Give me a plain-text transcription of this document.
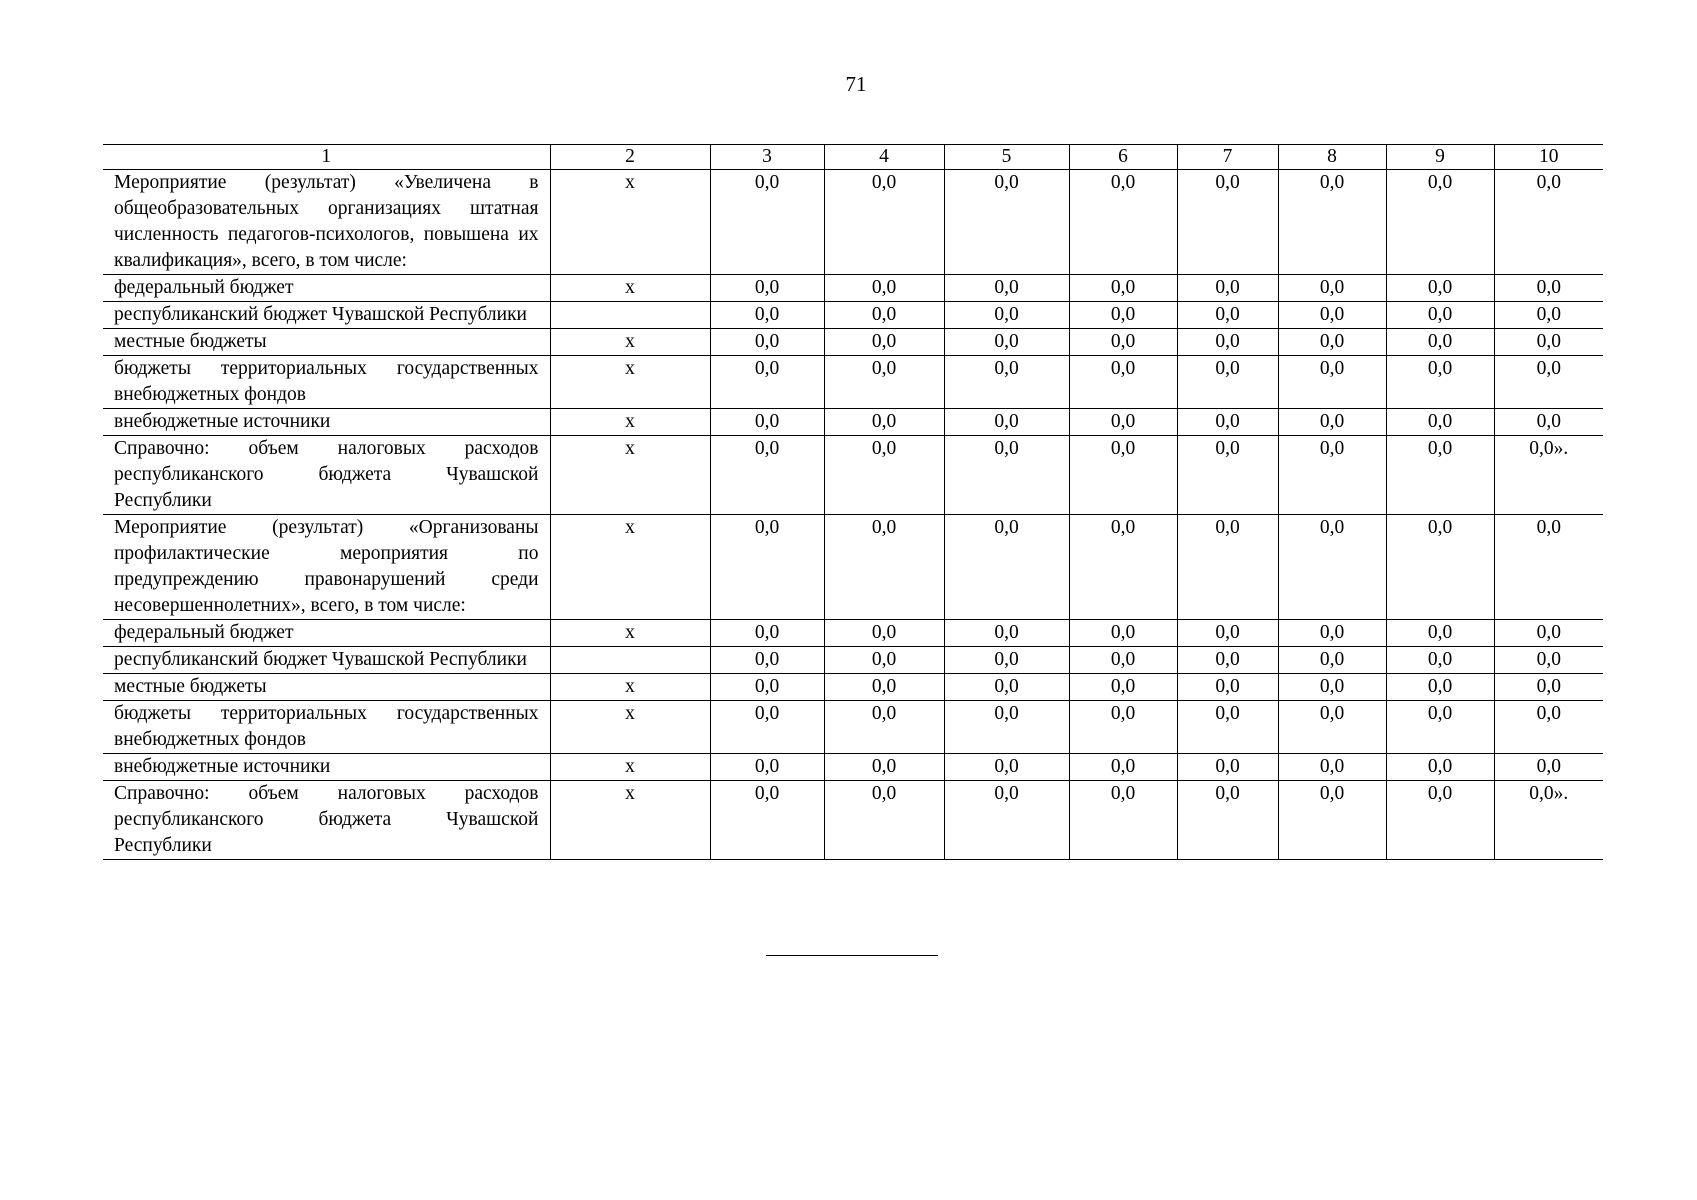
71
1	2	3	4	5	6	7	8	9	10
Мероприятие (результат) «Увеличена в общеобразовательных организациях штатная численность педагогов-психологов, повышена их квалификация», всего, в том числе:	x	0,0	0,0	0,0	0,0	0,0	0,0	0,0	0,0
федеральный бюджет	x	0,0	0,0	0,0	0,0	0,0	0,0	0,0	0,0
республиканский бюджет Чувашской Республики		0,0	0,0	0,0	0,0	0,0	0,0	0,0	0,0
местные бюджеты	x	0,0	0,0	0,0	0,0	0,0	0,0	0,0	0,0
бюджеты территориальных государственных внебюджетных фондов	x	0,0	0,0	0,0	0,0	0,0	0,0	0,0	0,0
внебюджетные источники	x	0,0	0,0	0,0	0,0	0,0	0,0	0,0	0,0
Справочно: объем налоговых расходов республиканского бюджета Чувашской Республики	x	0,0	0,0	0,0	0,0	0,0	0,0	0,0	0,0».
Мероприятие (результат) «Организованы профилактические мероприятия по предупреждению правонарушений среди несовершеннолетних», всего, в том числе:	x	0,0	0,0	0,0	0,0	0,0	0,0	0,0	0,0
федеральный бюджет	x	0,0	0,0	0,0	0,0	0,0	0,0	0,0	0,0
республиканский бюджет Чувашской Республики		0,0	0,0	0,0	0,0	0,0	0,0	0,0	0,0
местные бюджеты	x	0,0	0,0	0,0	0,0	0,0	0,0	0,0	0,0
бюджеты территориальных государственных внебюджетных фондов	x	0,0	0,0	0,0	0,0	0,0	0,0	0,0	0,0
внебюджетные источники	x	0,0	0,0	0,0	0,0	0,0	0,0	0,0	0,0
Справочно: объем налоговых расходов республиканского бюджета Чувашской Республики	x	0,0	0,0	0,0	0,0	0,0	0,0	0,0	0,0».
